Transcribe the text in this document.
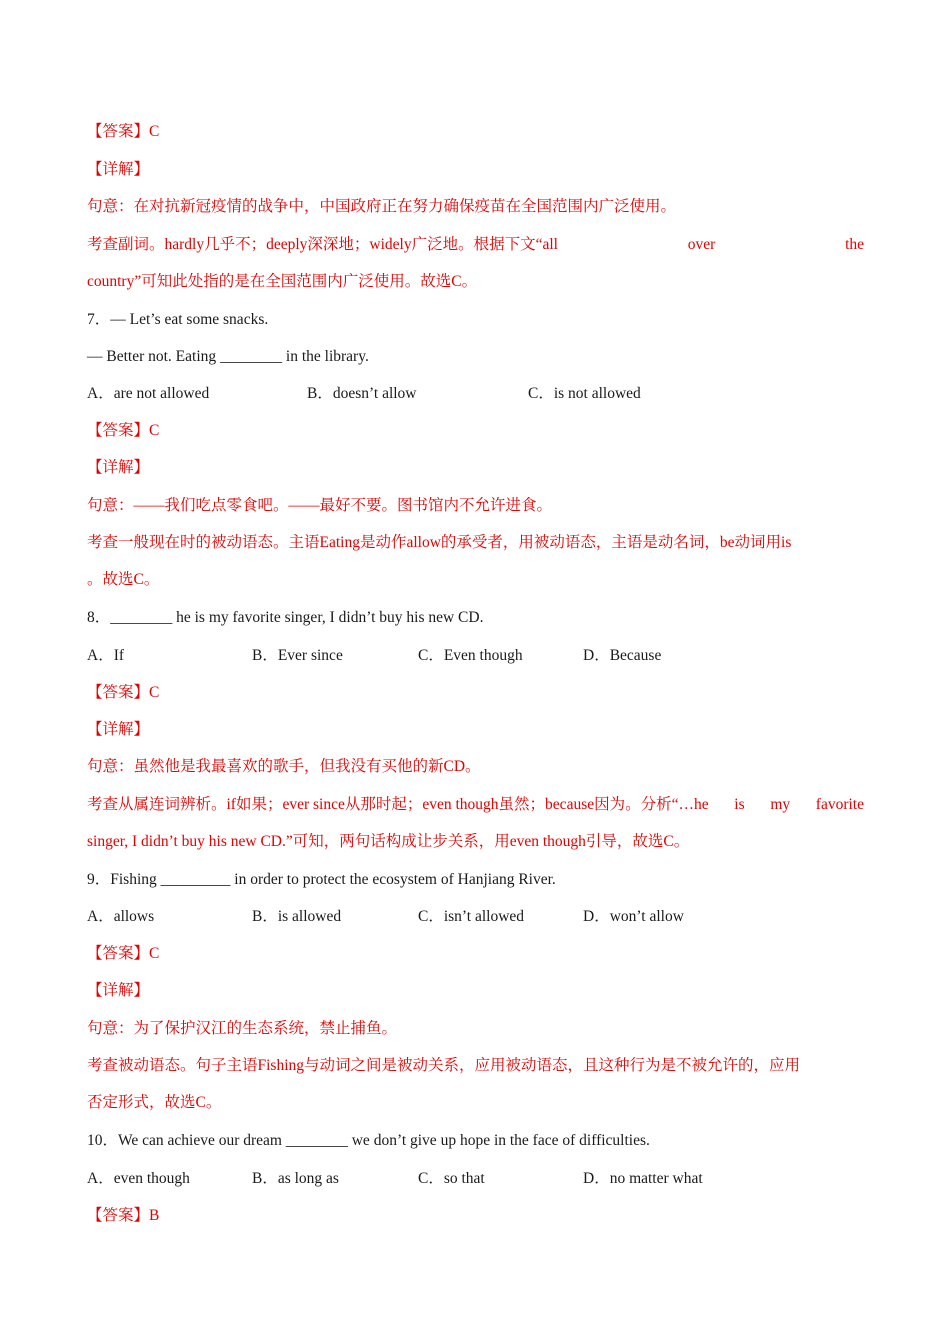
【答案】C
【详解】
句意：在对抗新冠疫情的战争中，中国政府正在努力确保疫苗在全国范围内广泛使用。
考查副词。hardly几乎不；deeply深深地；widely广泛地。根据下文“all	over	the
country”可知此处指的是在全国范围内广泛使用。故选C。
7．— Let’s eat some snacks.
— Better not. Eating ________ in the library.
A．are not allowed	B．doesn’t allow	C．is not allowed
【答案】C
【详解】
句意：——我们吃点零食吧。——最好不要。图书馆内不允许进食。
考查一般现在时的被动语态。主语Eating是动作allow的承受者，用被动语态，主语是动名词，be动词用is
。故选C。
8．________ he is my favorite singer, I didn’t buy his new CD.
A．If	B．Ever since	C．Even though	D．Because
【答案】C
【详解】
句意：虽然他是我最喜欢的歌手，但我没有买他的新CD。
考查从属连词辨析。if如果；ever since从那时起；even though虽然；because因为。分析“…he is my favorite
singer, I didn’t buy his new CD.”可知，两句话构成让步关系，用even though引导，故选C。
9．Fishing _________ in order to protect the ecosystem of Hanjiang River.
A．allows	B．is allowed	C．isn’t allowed	D．won’t allow
【答案】C
【详解】
句意：为了保护汉江的生态系统，禁止捕鱼。
考查被动语态。句子主语Fishing与动词之间是被动关系，应用被动语态，且这种行为是不被允许的，应用
否定形式，故选C。
10．We can achieve our dream ________ we don’t give up hope in the face of difficulties.
A．even though	B．as long as	C．so that	D．no matter what
【答案】B
